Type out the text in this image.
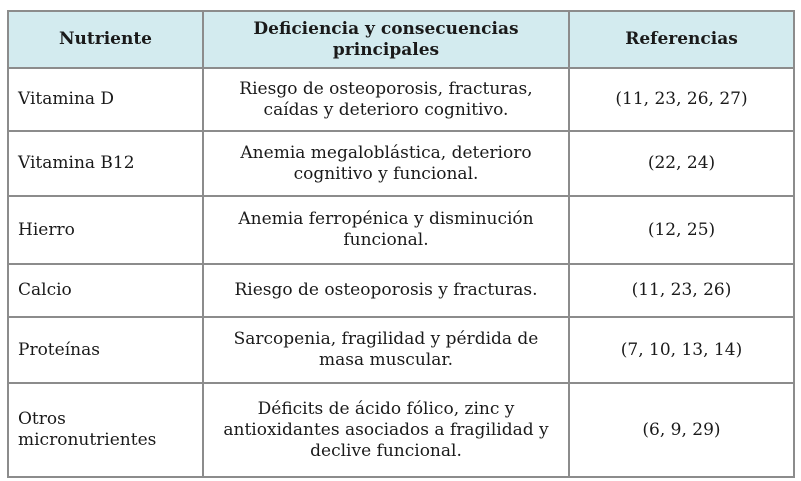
Nutriente	Deficiencia y consecuencias principales	Referencias
Vitamina D	Riesgo de osteoporosis, fracturas, caídas y deterioro cognitivo.	(11, 23, 26, 27)
Vitamina B12	Anemia megaloblástica, deterioro cognitivo y funcional.	(22, 24)
Hierro	Anemia ferropénica y disminución funcional.	(12, 25)
Calcio	Riesgo de osteoporosis y fracturas.	(11, 23, 26)
Proteínas	Sarcopenia, fragilidad y pérdida de masa muscular.	(7, 10, 13, 14)
Otros micronutrientes	Déficits de ácido fólico, zinc y antioxidantes asociados a fragilidad y declive funcional.	(6, 9, 29)
